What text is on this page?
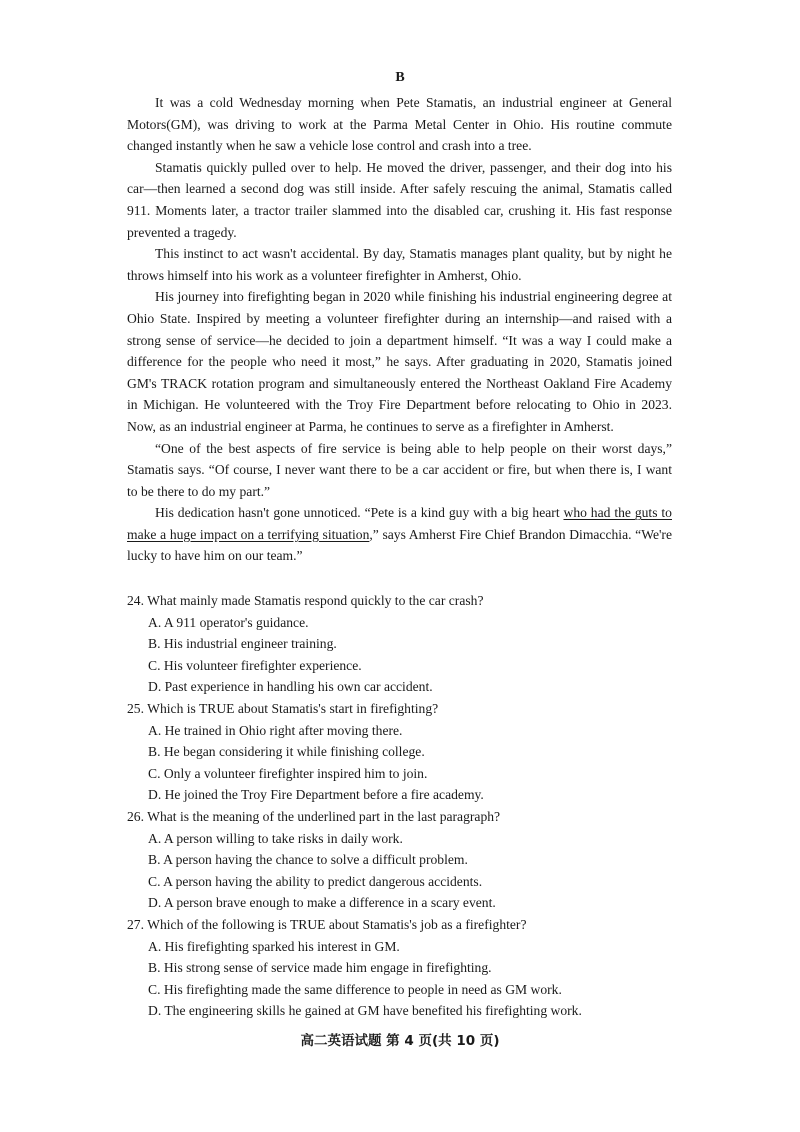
B

It was a cold Wednesday morning when Pete Stamatis, an industrial engineer at General Motors(GM), was driving to work at the Parma Metal Center in Ohio. His routine commute changed instantly when he saw a vehicle lose control and crash into a tree.

Stamatis quickly pulled over to help. He moved the driver, passenger, and their dog into his car—then learned a second dog was still inside. After safely rescuing the animal, Stamatis called 911. Moments later, a tractor trailer slammed into the disabled car, crushing it. His fast response prevented a tragedy.

This instinct to act wasn't accidental. By day, Stamatis manages plant quality, but by night he throws himself into his work as a volunteer firefighter in Amherst, Ohio.

His journey into firefighting began in 2020 while finishing his industrial engineering degree at Ohio State. Inspired by meeting a volunteer firefighter during an internship—and raised with a strong sense of service—he decided to join a department himself. “It was a way I could make a difference for the people who need it most,” he says. After graduating in 2020, Stamatis joined GM's TRACK rotation program and simultaneously entered the Northeast Oakland Fire Academy in Michigan. He volunteered with the Troy Fire Department before relocating to Ohio in 2023. Now, as an industrial engineer at Parma, he continues to serve as a firefighter in Amherst.

“One of the best aspects of fire service is being able to help people on their worst days,” Stamatis says. “Of course, I never want there to be a car accident or fire, but when there is, I want to be there to do my part.”

His dedication hasn't gone unnoticed. “Pete is a kind guy with a big heart who had the guts to make a huge impact on a terrifying situation,” says Amherst Fire Chief Brandon Dimacchia. “We're lucky to have him on our team.”

24. What mainly made Stamatis respond quickly to the car crash?

A. A 911 operator's guidance.

B. His industrial engineer training.

C. His volunteer firefighter experience.

D. Past experience in handling his own car accident.

25. Which is TRUE about Stamatis's start in firefighting?

A. He trained in Ohio right after moving there.

B. He began considering it while finishing college.

C. Only a volunteer firefighter inspired him to join.

D. He joined the Troy Fire Department before a fire academy.

26. What is the meaning of the underlined part in the last paragraph?

A. A person willing to take risks in daily work.

B. A person having the chance to solve a difficult problem.

C. A person having the ability to predict dangerous accidents.

D. A person brave enough to make a difference in a scary event.

27. Which of the following is TRUE about Stamatis's job as a firefighter?

A. His firefighting sparked his interest in GM.

B. His strong sense of service made him engage in firefighting.

C. His firefighting made the same difference to people in need as GM work.

D. The engineering skills he gained at GM have benefited his firefighting work.

高二英语试题 第 4 页(共 10 页)
